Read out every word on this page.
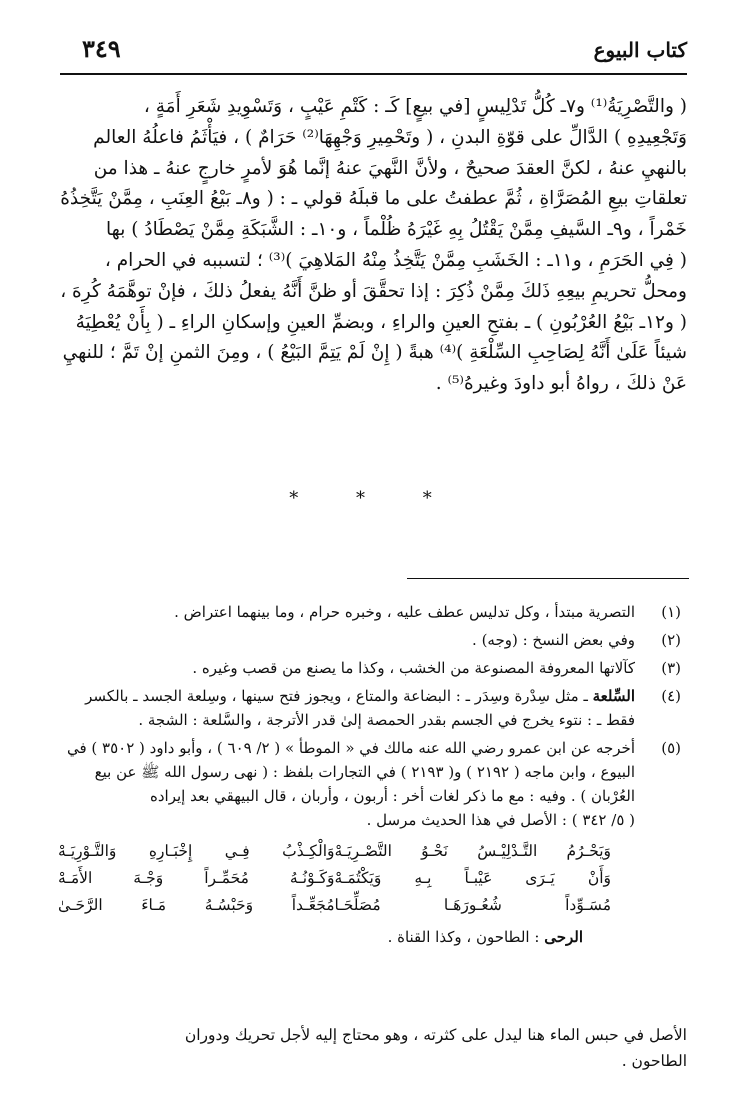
كتاب البيوع
٣٤٩

( والتَّصْرِيَةُ⁽¹⁾ و٧ـ كُلُّ تَدْلِيسٍ [في بيعٍ] كَـ : كَتْمِ عَيْبٍ ، وَتَسْوِيدِ شَعَرِ أَمَةٍ ،

وَتَجْعِيدِهِ ) الدَّالِّ على قوّةِ البدنِ ، ( وتَحْمِيرِ وَجْهِهَا⁽²⁾ حَرَامٌ ) ، فيَأْثَمُ فاعلُهُ العالم

بالنهيِ عنهُ ، لكنَّ العقدَ صحيحٌ ، ولأنَّ النَّهيَ عنهُ إنَّما هُوَ لأمرٍ خارجٍ عنهُ ـ هذا من

تعلقاتِ بيعِ المُصَرَّاةِ ، ثُمَّ عطفتُ على ما قبلَهُ قولي ـ : ( و٨ـ بَيْعُ العِنَبِ ، مِمَّنْ يَتَّخِذُهُ

خَمْراً ، و٩ـ السَّيفِ مِمَّنْ يَقْتُلُ بِهِ غَيْرَهُ ظُلْماً ، و١٠ـ : الشَّبَكَةِ مِمَّنْ يَصْطَادُ ) بها

( فِي الحَرَمِ ، و١١ـ : الخَشَبِ مِمَّنْ يَتَّخِذُ مِنْهُ المَلاهِيَ )⁽³⁾ ؛ لتسببه في الحرام ،

ومحلُّ تحريمِ بيعِهِ ذَلكَ مِمَّنْ ذُكِرَ : إذا تحقَّقَ أو ظنَّ أَنَّهُ يفعلُ ذلكَ ، فإنْ توهَّمَهُ كُرِهَ ،

( و١٢ـ بَيْعُ العُرْبُونِ ) ـ بفتحِ العينِ والراءِ ، وبضمِّ العينِ وإسكانِ الراءِ ـ ( بِأَنْ يُعْطِيَهُ

شيئاً عَلَىٰ أَنَّهُ لِصَاحِبِ السِّلْعَةِ )⁽⁴⁾ هبةً ( إِنْ لَمْ يَتِمَّ البَيْعُ ) ، ومِنَ الثمنِ إنْ تَمَّ ؛ للنهيِ

عَنْ ذلكَ ، رواهُ أبو داودَ وغيرهُ⁽⁵⁾ .

* * *
(١)
التصرية مبتدأ ، وكل تدليس عطف عليه ، وخبره حرام ، وما بينهما اعتراض .
(٢)
وفي بعض النسخ : (وجه) .
(٣)
كآلاتها المعروفة المصنوعة من الخشب ، وكذا ما يصنع من قصب وغيره .
(٤)
السِّلعة ـ مثل سِدْرة وسِدَر ـ : البضاعة والمتاع ، ويجوز فتح سينها ، وسِلعة الجسد ـ بالكسر
فقط ـ : نتوء يخرج في الجسم بقدر الحمصة إلىٰ قدر الأترجة ، والسَّلعة : الشجة .
(٥)
أخرجه عن ابن عمرو رضي الله عنه مالك في « الموطأ » ( ٢/ ٦٠٩ ) ، وأبو داود ( ٣٥٠٢ ) في
البيوع ، وابن ماجه ( ٢١٩٢ ) و( ٢١٩٣ ) في التجارات بلفظ : ( نهى رسول الله ﷺ عن بيع
العُرْبان ) . وفيه : مع ما ذكر لغات أخر : أربون ، وأربان ، قال البيهقي بعد إيراده
( ٥/ ٣٤٢ ) : الأصل في هذا الحديث مرسل .
وَيَحْـرُمُ التَّـدْلِيْـسُ نَحْـوُ التَّصْـرِيَـهْ
وَالْكِـذْبُ فِـي إِخْبَـارِهِ وَالتَّـوْرِيَـهْ
وَأَنْ يَـرَى عَيْبـاً بِـهِ وَيَكْتُمَـهْ
وَكَـوْنُـهُ مُحَمِّـراً وَجْـهَ الأَمَـهْ
مُسَـوِّداً شُعُـورَهَـا مُصَلِّحَـا
مُجَعِّـداً وَحَبْسُـهُ مَـاءَ الرَّحَـىٰ
الرحى : الطاحون ، وكذا القناة .
الأصل في حبس الماء هنا ليدل على كثرته ، وهو محتاج إليه لأجل تحريك ودوران
الطاحون .
